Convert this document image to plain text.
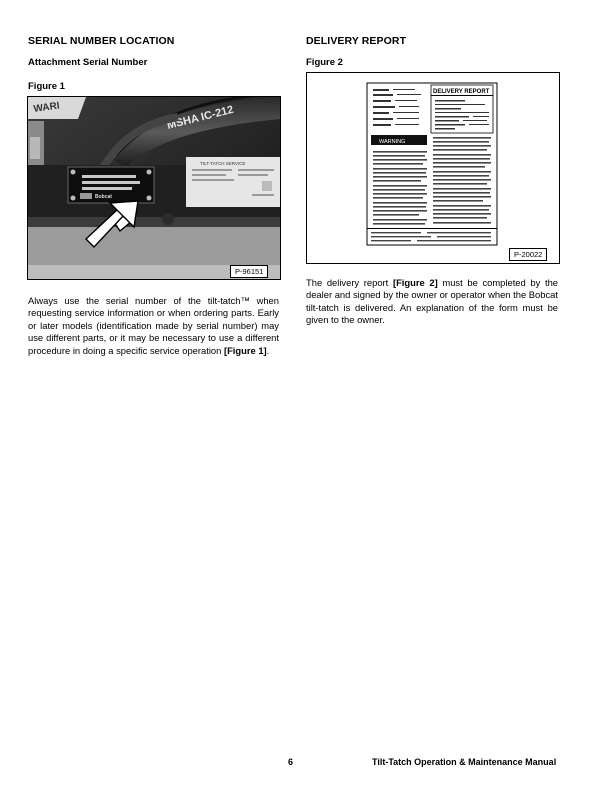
SERIAL NUMBER LOCATION
Attachment Serial Number
Figure 1
WARI	MSHA IC-212
TILT-TATCH SERVICE
Bobcat
P-96151
Always use the serial number of the tilt-tatch™ when requesting service information or when ordering parts. Early or later models (identification made by serial number) may use different parts, or it may be necessary to use a different procedure in doing a specific service operation [Figure 1].
DELIVERY REPORT
Figure 2
DELIVERY REPORT
WARNING
P-20022
The delivery report [Figure 2] must be completed by the dealer and signed by the owner or operator when the Bobcat tilt-tatch is delivered. An explanation of the form must be given to the owner.
6	Tilt-Tatch Operation & Maintenance Manual
